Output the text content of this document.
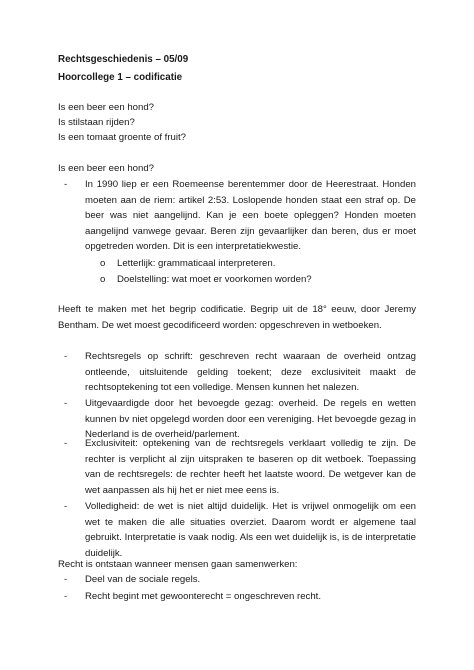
Rechtsgeschiedenis – 05/09
Hoorcollege 1 – codificatie
Is een beer een hond?
Is stilstaan rijden?
Is een tomaat groente of fruit?
Is een beer een hond?
-	In 1990 liep er een Roemeense berentemmer door de Heerestraat. Honden moeten aan de riem: artikel 2:53. Loslopende honden staat een straf op. De beer was niet aangelijnd. Kan je een boete opleggen? Honden moeten aangelijnd vanwege gevaar. Beren zijn gevaarlijker dan beren, dus er moet opgetreden worden. Dit is een interpretatiekwestie.
o Letterlijk: grammaticaal interpreteren.
o Doelstelling: wat moet er voorkomen worden?
Heeft te maken met het begrip codificatie. Begrip uit de 18° eeuw, door Jeremy Bentham. De wet moest gecodificeerd worden: opgeschreven in wetboeken.
-	Rechtsregels op schrift: geschreven recht waaraan de overheid ontzag ontleende, uitsluitende gelding toekent; deze exclusiviteit maakt de rechtsoptekening tot een volledige. Mensen kunnen het nalezen.
-	Uitgevaardigde door het bevoegde gezag: overheid. De regels en wetten kunnen bv niet opgelegd worden door een vereniging. Het bevoegde gezag in Nederland is de overheid/parlement.
-	Exclusiviteit: optekening van de rechtsregels verklaart volledig te zijn. De rechter is verplicht al zijn uitspraken te baseren op dit wetboek. Toepassing van de rechtsregels: de rechter heeft het laatste woord. De wetgever kan de wet aanpassen als hij het er niet mee eens is.
-	Volledigheid: de wet is niet altijd duidelijk. Het is vrijwel onmogelijk om een wet te maken die alle situaties overziet. Daarom wordt er algemene taal gebruikt. Interpretatie is vaak nodig. Als een wet duidelijk is, is de interpretatie duidelijk.
Recht is ontstaan wanneer mensen gaan samenwerken:
-	Deel van de sociale regels.
-	Recht begint met gewoonterecht = ongeschreven recht.
